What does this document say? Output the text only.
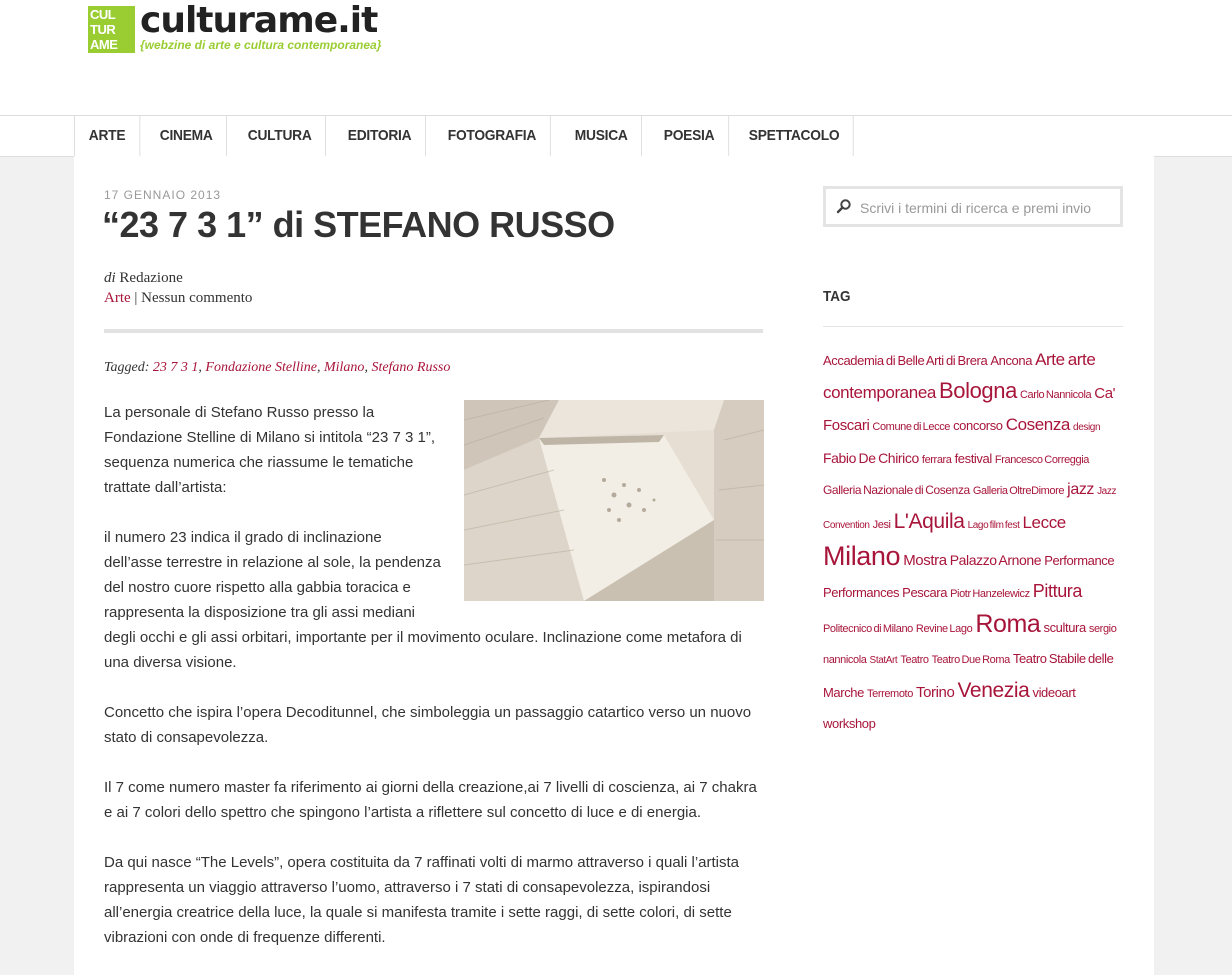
CUL TUR AME
culturame.it
{webzine di arte e cultura contemporanea}
ARTE	CINEMA	CULTURA	EDITORIA	FOTOGRAFIA	MUSICA	POESIA	SPETTACOLO
17 GENNAIO 2013
“23 7 3 1” di STEFANO RUSSO
di Redazione
Arte | Nessun commento
Tagged: 23 7 3 1, Fondazione Stelline, Milano, Stefano Russo

La personale di Stefano Russo presso la Fondazione Stelline di Milano si intitola “23 7 3 1”, sequenza numerica che riassume le tematiche trattate dall’artista:

il numero 23 indica il grado di inclinazione dell’asse terrestre in relazione al sole, la pendenza del nostro cuore rispetto alla gabbia toracica e rappresenta la disposizione tra gli assi mediani degli occhi e gli assi orbitari, importante per il movimento oculare. Inclinazione come metafora di una diversa visione.

Concetto che ispira l’opera Decoditunnel, che simboleggia un passaggio catartico verso un nuovo stato di consapevolezza.

Il 7 come numero master fa riferimento ai giorni della creazione,ai 7 livelli di coscienza, ai 7 chakra e ai 7 colori dello spettro che spingono l’artista a riflettere sul concetto di luce e di energia.

Da qui nasce “The Levels”, opera costituita da 7 raffinati volti di marmo attraverso i quali l’artista rappresenta un viaggio attraverso l’uomo, attraverso i 7 stati di consapevolezza, ispirandosi all’energia creatrice della luce, la quale si manifesta tramite i sette raggi, di sette colori, di sette vibrazioni con onde di frequenze differenti.

Scrivi i termini di ricerca e premi invio
TAG
Accademia di Belle Arti di Brera Ancona Arte arte contemporanea Bologna Carlo Nannicola Ca' Foscari Comune di Lecce concorso Cosenza design Fabio De Chirico ferrara festival Francesco Correggia Galleria Nazionale di Cosenza Galleria OltreDimore jazz Jazz Convention Jesi L'Aquila Lago film fest Lecce Milano Mostra Palazzo Arnone Performance Performances Pescara Piotr Hanzelewicz Pittura Politecnico di Milano Revine Lago Roma scultura sergio nannicola StatArt Teatro Teatro Due Roma Teatro Stabile delle Marche Terremoto Torino Venezia videoart workshop
